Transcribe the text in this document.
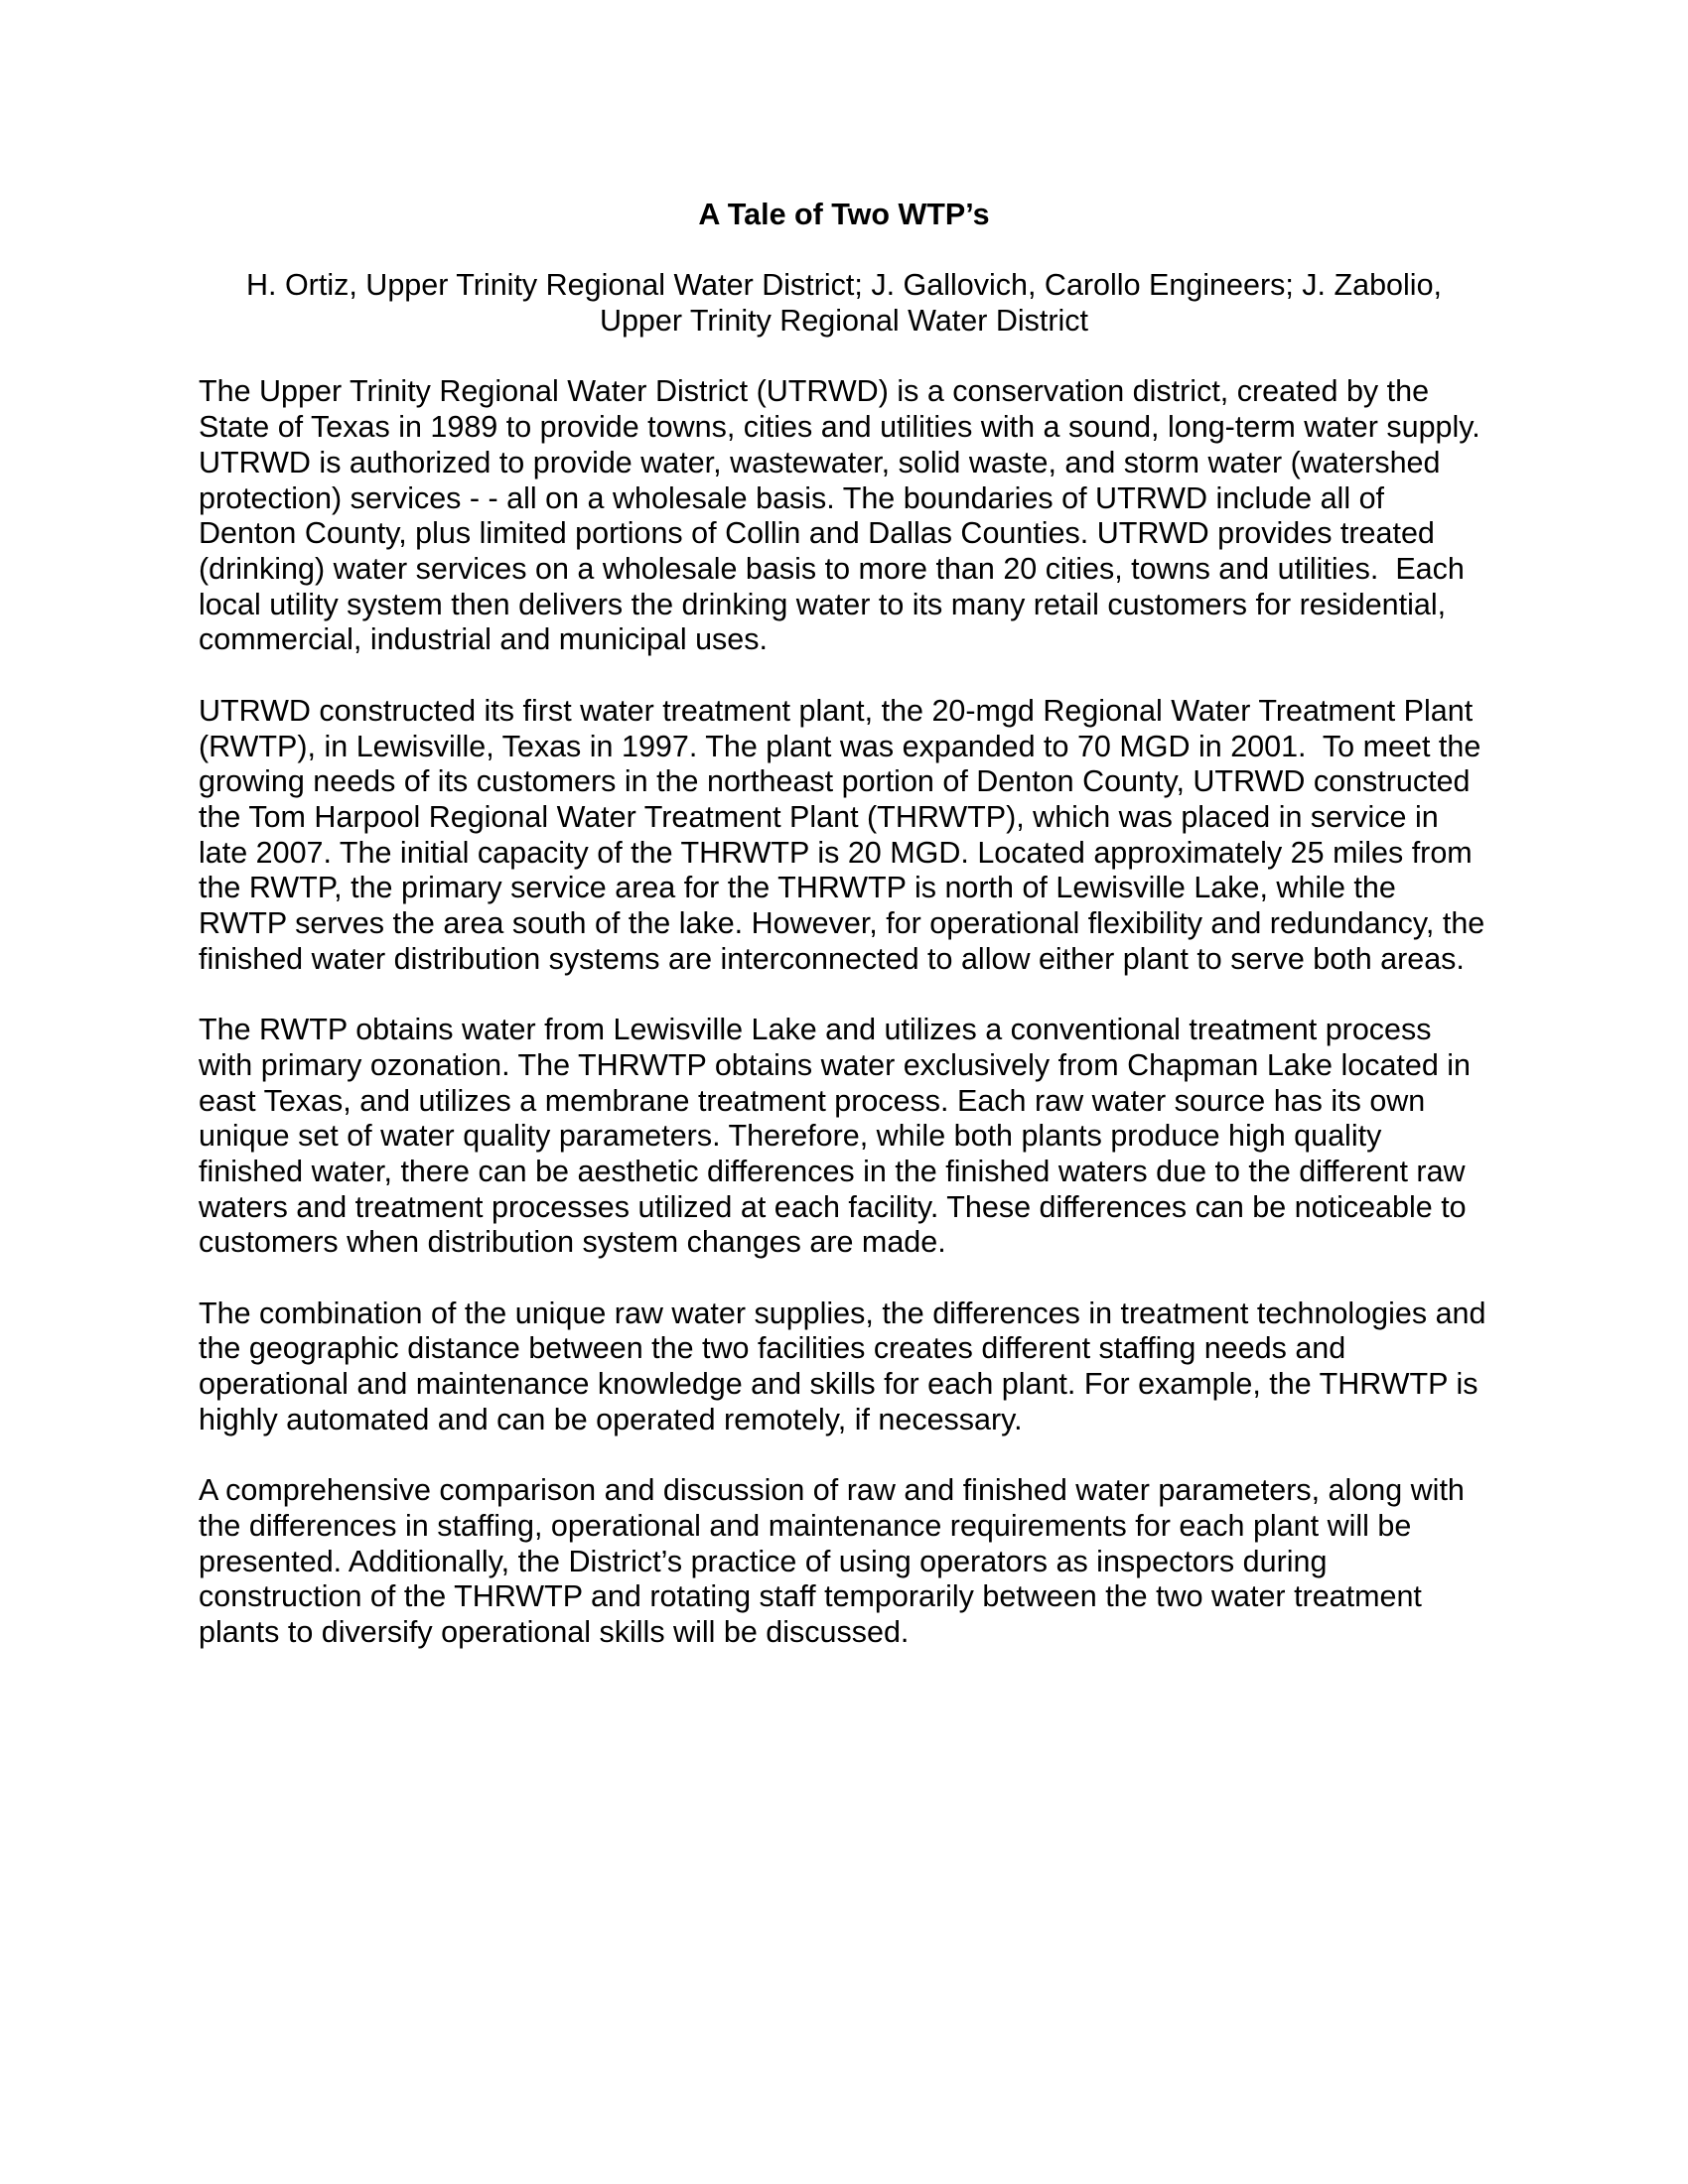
A Tale of Two WTP’s
H. Ortiz, Upper Trinity Regional Water District; J. Gallovich, Carollo Engineers; J. Zabolio,
Upper Trinity Regional Water District

The Upper Trinity Regional Water District (UTRWD) is a conservation district, created by the State of Texas in 1989 to provide towns, cities and utilities with a sound, long-term water supply. UTRWD is authorized to provide water, wastewater, solid waste, and storm water (watershed protection) services - - all on a wholesale basis. The boundaries of UTRWD include all of Denton County, plus limited portions of Collin and Dallas Counties. UTRWD provides treated (drinking) water services on a wholesale basis to more than 20 cities, towns and utilities.  Each local utility system then delivers the drinking water to its many retail customers for residential, commercial, industrial and municipal uses.

UTRWD constructed its first water treatment plant, the 20-mgd Regional Water Treatment Plant (RWTP), in Lewisville, Texas in 1997. The plant was expanded to 70 MGD in 2001.  To meet the growing needs of its customers in the northeast portion of Denton County, UTRWD constructed the Tom Harpool Regional Water Treatment Plant (THRWTP), which was placed in service in late 2007. The initial capacity of the THRWTP is 20 MGD. Located approximately 25 miles from the RWTP, the primary service area for the THRWTP is north of Lewisville Lake, while the RWTP serves the area south of the lake. However, for operational flexibility and redundancy, the finished water distribution systems are interconnected to allow either plant to serve both areas.

The RWTP obtains water from Lewisville Lake and utilizes a conventional treatment process with primary ozonation. The THRWTP obtains water exclusively from Chapman Lake located in east Texas, and utilizes a membrane treatment process. Each raw water source has its own unique set of water quality parameters. Therefore, while both plants produce high quality finished water, there can be aesthetic differences in the finished waters due to the different raw waters and treatment processes utilized at each facility. These differences can be noticeable to customers when distribution system changes are made.

The combination of the unique raw water supplies, the differences in treatment technologies and the geographic distance between the two facilities creates different staffing needs and operational and maintenance knowledge and skills for each plant. For example, the THRWTP is highly automated and can be operated remotely, if necessary.

A comprehensive comparison and discussion of raw and finished water parameters, along with the differences in staffing, operational and maintenance requirements for each plant will be presented. Additionally, the District’s practice of using operators as inspectors during construction of the THRWTP and rotating staff temporarily between the two water treatment plants to diversify operational skills will be discussed.
